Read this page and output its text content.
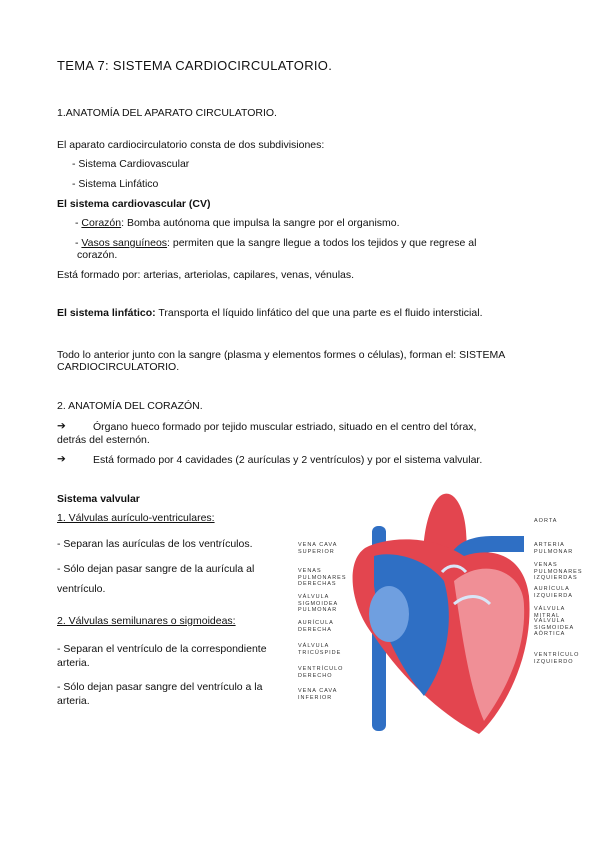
TEMA 7: SISTEMA CARDIOCIRCULATORIO.
1.ANATOMÍA DEL APARATO CIRCULATORIO.
El aparato cardiocirculatorio consta de dos subdivisiones:
- Sistema Cardiovascular
- Sistema Linfático
El sistema cardiovascular (CV)
- Corazón: Bomba autónoma que impulsa la sangre por el organismo.
- Vasos sanguíneos: permiten que la sangre llegue a todos los tejidos y que regrese al
corazón.
Está formado por: arterias, arteriolas, capilares, venas, vénulas.
El sistema linfático: Transporta el líquido linfático del que una parte es el fluido intersticial.
Todo lo anterior junto con la sangre (plasma y elementos formes o células), forman el: SISTEMA
CARDIOCIRCULATORIO.
2. ANATOMÍA DEL CORAZÓN.
➔	Órgano hueco formado por tejido muscular estriado, situado en el centro del tórax,
detrás del esternón.
➔	Está formado por 4 cavidades (2 aurículas y 2 ventrículos) y por el sistema valvular.
Sistema valvular
1. Válvulas aurículo-ventriculares:
- Separan las aurículas de los ventrículos.
- Sólo dejan pasar sangre de la aurícula al
ventrículo.
2. Válvulas semilunares o sigmoideas:
- Separan el ventrículo de la correspondiente
arteria.
- Sólo dejan pasar sangre del ventrículo a la
arteria.
VENA CAVA SUPERIOR
VENAS PULMONARES DERECHAS
VÁLVULA SIGMOIDEA PULMONAR
AURÍCULA DERECHA
VÁLVULA TRICÚSPIDE
VENTRÍCULO DERECHO
VENA CAVA INFERIOR
AORTA
ARTERIA PULMONAR
VENAS PULMONARES IZQUIERDAS
AURÍCULA IZQUIERDA
VÁLVULA MITRAL
VÁLVULA SIGMOIDEA AÓRTICA
VENTRÍCULO IZQUIERDO
